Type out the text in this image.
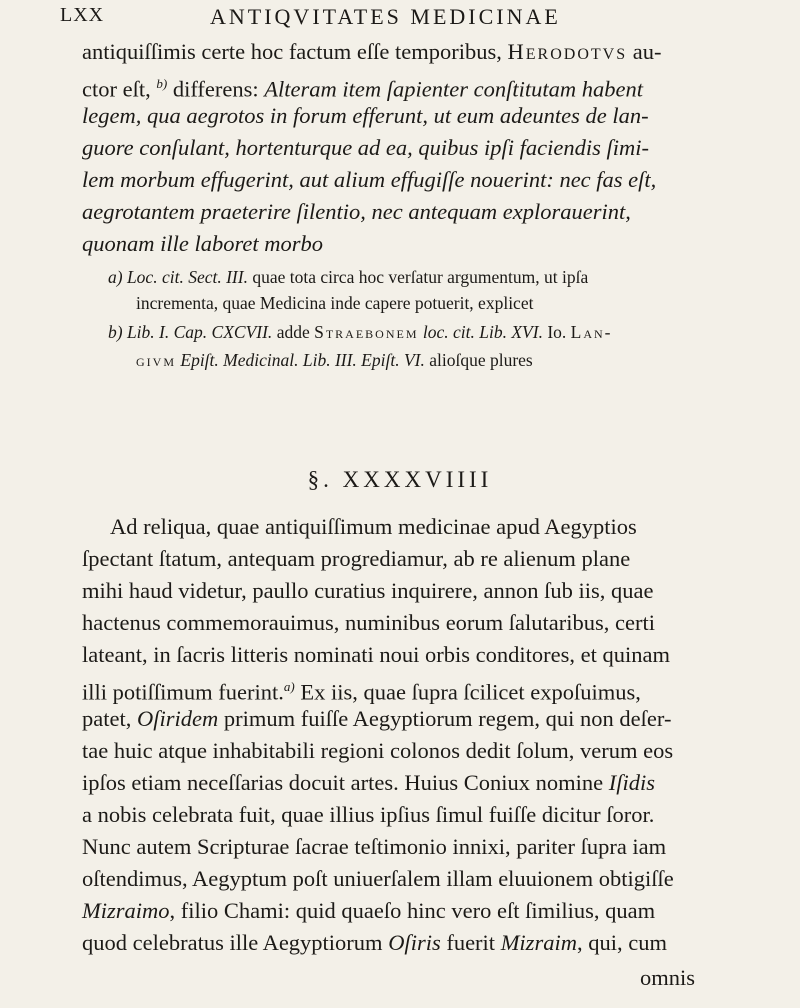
LXX	ANTIQVITATES MEDICINAE
antiquiſſimis certe hoc factum eſſe temporibus, Herodotvs au-
ctor eſt, $^{b)}$ differens: Alteram item ſapienter conſtitutam habent
legem, qua aegrotos in forum efferunt, ut eum adeuntes de lan-
guore conſulant, hortenturque ad ea, quibus ipſi faciendis ſimi-
lem morbum effugerint, aut alium effugiſſe nouerint: nec fas eſt,
aegrotantem praeterire ſilentio, nec antequam explorauerint,
quonam ille laboret morbo
a) Loc. cit. Sect. III. quae tota circa hoc verſatur argumentum, ut ipſa
incrementa, quae Medicina inde capere potuerit, explicet
b) Lib. I. Cap. CXCVII. adde Straebonem loc. cit. Lib. XVI. Io. Lan-
givm Epiſt. Medicinal. Lib. III. Epiſt. VI. alioſque plures
§. XXXXVIIII
Ad reliqua, quae antiquiſſimum medicinae apud Aegyptios
ſpectant ſtatum, antequam progrediamur, ab re alienum plane
mihi haud videtur, paullo curatius inquirere, annon ſub iis, quae
hactenus commemorauimus, numinibus eorum ſalutaribus, certi
lateant, in ſacris litteris nominati noui orbis conditores, et quinam
illi potiſſimum fuerint.$^{a)}$ Ex iis, quae ſupra ſcilicet expoſuimus,
patet, Oſiridem primum fuiſſe Aegyptiorum regem, qui non deſer-
tae huic atque inhabitabili regioni colonos dedit ſolum, verum eos
ipſos etiam neceſſarias docuit artes. Huius Coniux nomine Iſidis
a nobis celebrata fuit, quae illius ipſius ſimul fuiſſe dicitur ſoror.
Nunc autem Scripturae ſacrae teſtimonio innixi, pariter ſupra iam
oſtendimus, Aegyptum poſt uniuerſalem illam eluuionem obtigiſſe
Mizraimo, filio Chami: quid quaeſo hinc vero eſt ſimilius, quam
quod celebratus ille Aegyptiorum Oſiris fuerit Mizraim, qui, cum
omnis
